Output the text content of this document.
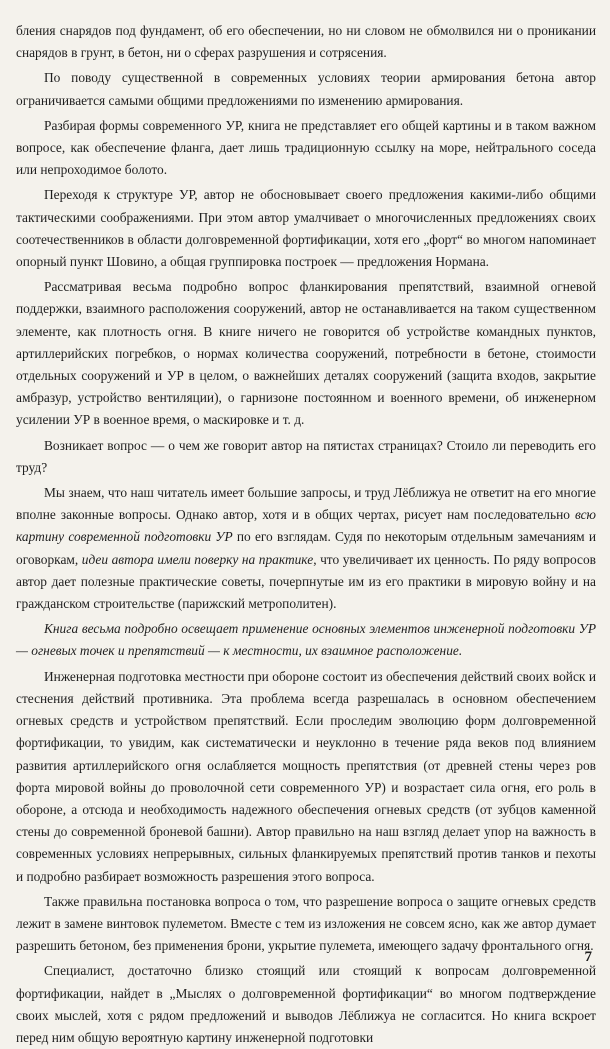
бления снарядов под фундамент, об его обеспечении, но ни словом не обмолвился ни о проникании снарядов в грунт, в бетон, ни о сферах разрушения и сотрясения.

По поводу существенной в современных условиях теории армирования бетона автор ограничивается самыми общими предложениями по изменению армирования.

Разбирая формы современного УР, книга не представляет его общей картины и в таком важном вопросе, как обеспечение фланга, дает лишь традиционную ссылку на море, нейтрального соседа или непроходимое болото.

Переходя к структуре УР, автор не обосновывает своего предложения какими-либо общими тактическими соображениями. При этом автор умалчивает о многочисленных предложениях своих соотечественников в области долговременной фортификации, хотя его „форт“ во многом напоминает опорный пункт Шовино, а общая группировка построек — предложения Нормана.

Рассматривая весьма подробно вопрос фланкирования препятствий, взаимной огневой поддержки, взаимного расположения сооружений, автор не останавливается на таком существенном элементе, как плотность огня. В книге ничего не говорится об устройстве командных пунктов, артиллерийских погребков, о нормах количества сооружений, потребности в бетоне, стоимости отдельных сооружений и УР в целом, о важнейших деталях сооружений (защита входов, закрытие амбразур, устройство вентиляции), о гарнизоне постоянном и военного времени, об инженерном усилении УР в военное время, о маскировке и т. д.

Возникает вопрос — о чем же говорит автор на пятистах страницах? Стоило ли переводить его труд?

Мы знаем, что наш читатель имеет большие запросы, и труд Лёближуа не ответит на его многие вполне законные вопросы. Однако автор, хотя и в общих чертах, рисует нам последовательно всю картину современной подготовки УР по его взглядам. Судя по некоторым отдельным замечаниям и оговоркам, идеи автора имели поверку на практике, что увеличивает их ценность. По ряду вопросов автор дает полезные практические советы, почерпнутые им из его практики в мировую войну и на гражданском строительстве (парижский метрополитен).

Книга весьма подробно освещает применение основных элементов инженерной подготовки УР — огневых точек и препятствий — к местности, их взаимное расположение.

Инженерная подготовка местности при обороне состоит из обеспечения действий своих войск и стеснения действий противника. Эта проблема всегда разрешалась в основном обеспечением огневых средств и устройством препятствий. Если проследим эволюцию форм долговременной фортификации, то увидим, как систематически и неуклонно в течение ряда веков под влиянием развития артиллерийского огня ослабляется мощность препятствия (от древней стены через ров форта мировой войны до проволочной сети современного УР) и возрастает сила огня, его роль в обороне, а отсюда и необходимость надежного обеспечения огневых средств (от зубцов каменной стены до современной броневой башни). Автор правильно на наш взгляд делает упор на важность в современных условиях непрерывных, сильных фланкируемых препятствий против танков и пехоты и подробно разбирает возможность разрешения этого вопроса.

Также правильна постановка вопроса о том, что разрешение вопроса о защите огневых средств лежит в замене винтовок пулеметом. Вместе с тем из изложения не совсем ясно, как же автор думает разрешить бетоном, без применения брони, укрытие пулемета, имеющего задачу фронтального огня.

Специалист, достаточно близко стоящий или стоящий к вопросам долговременной фортификации, найдет в „Мыслях о долговременной фортификации“ во многом подтверждение своих мыслей, хотя с рядом предложений и выводов Лёближуа не согласится. Но книга вскроет перед ним общую вероятную картину инженерной подготовки

7
